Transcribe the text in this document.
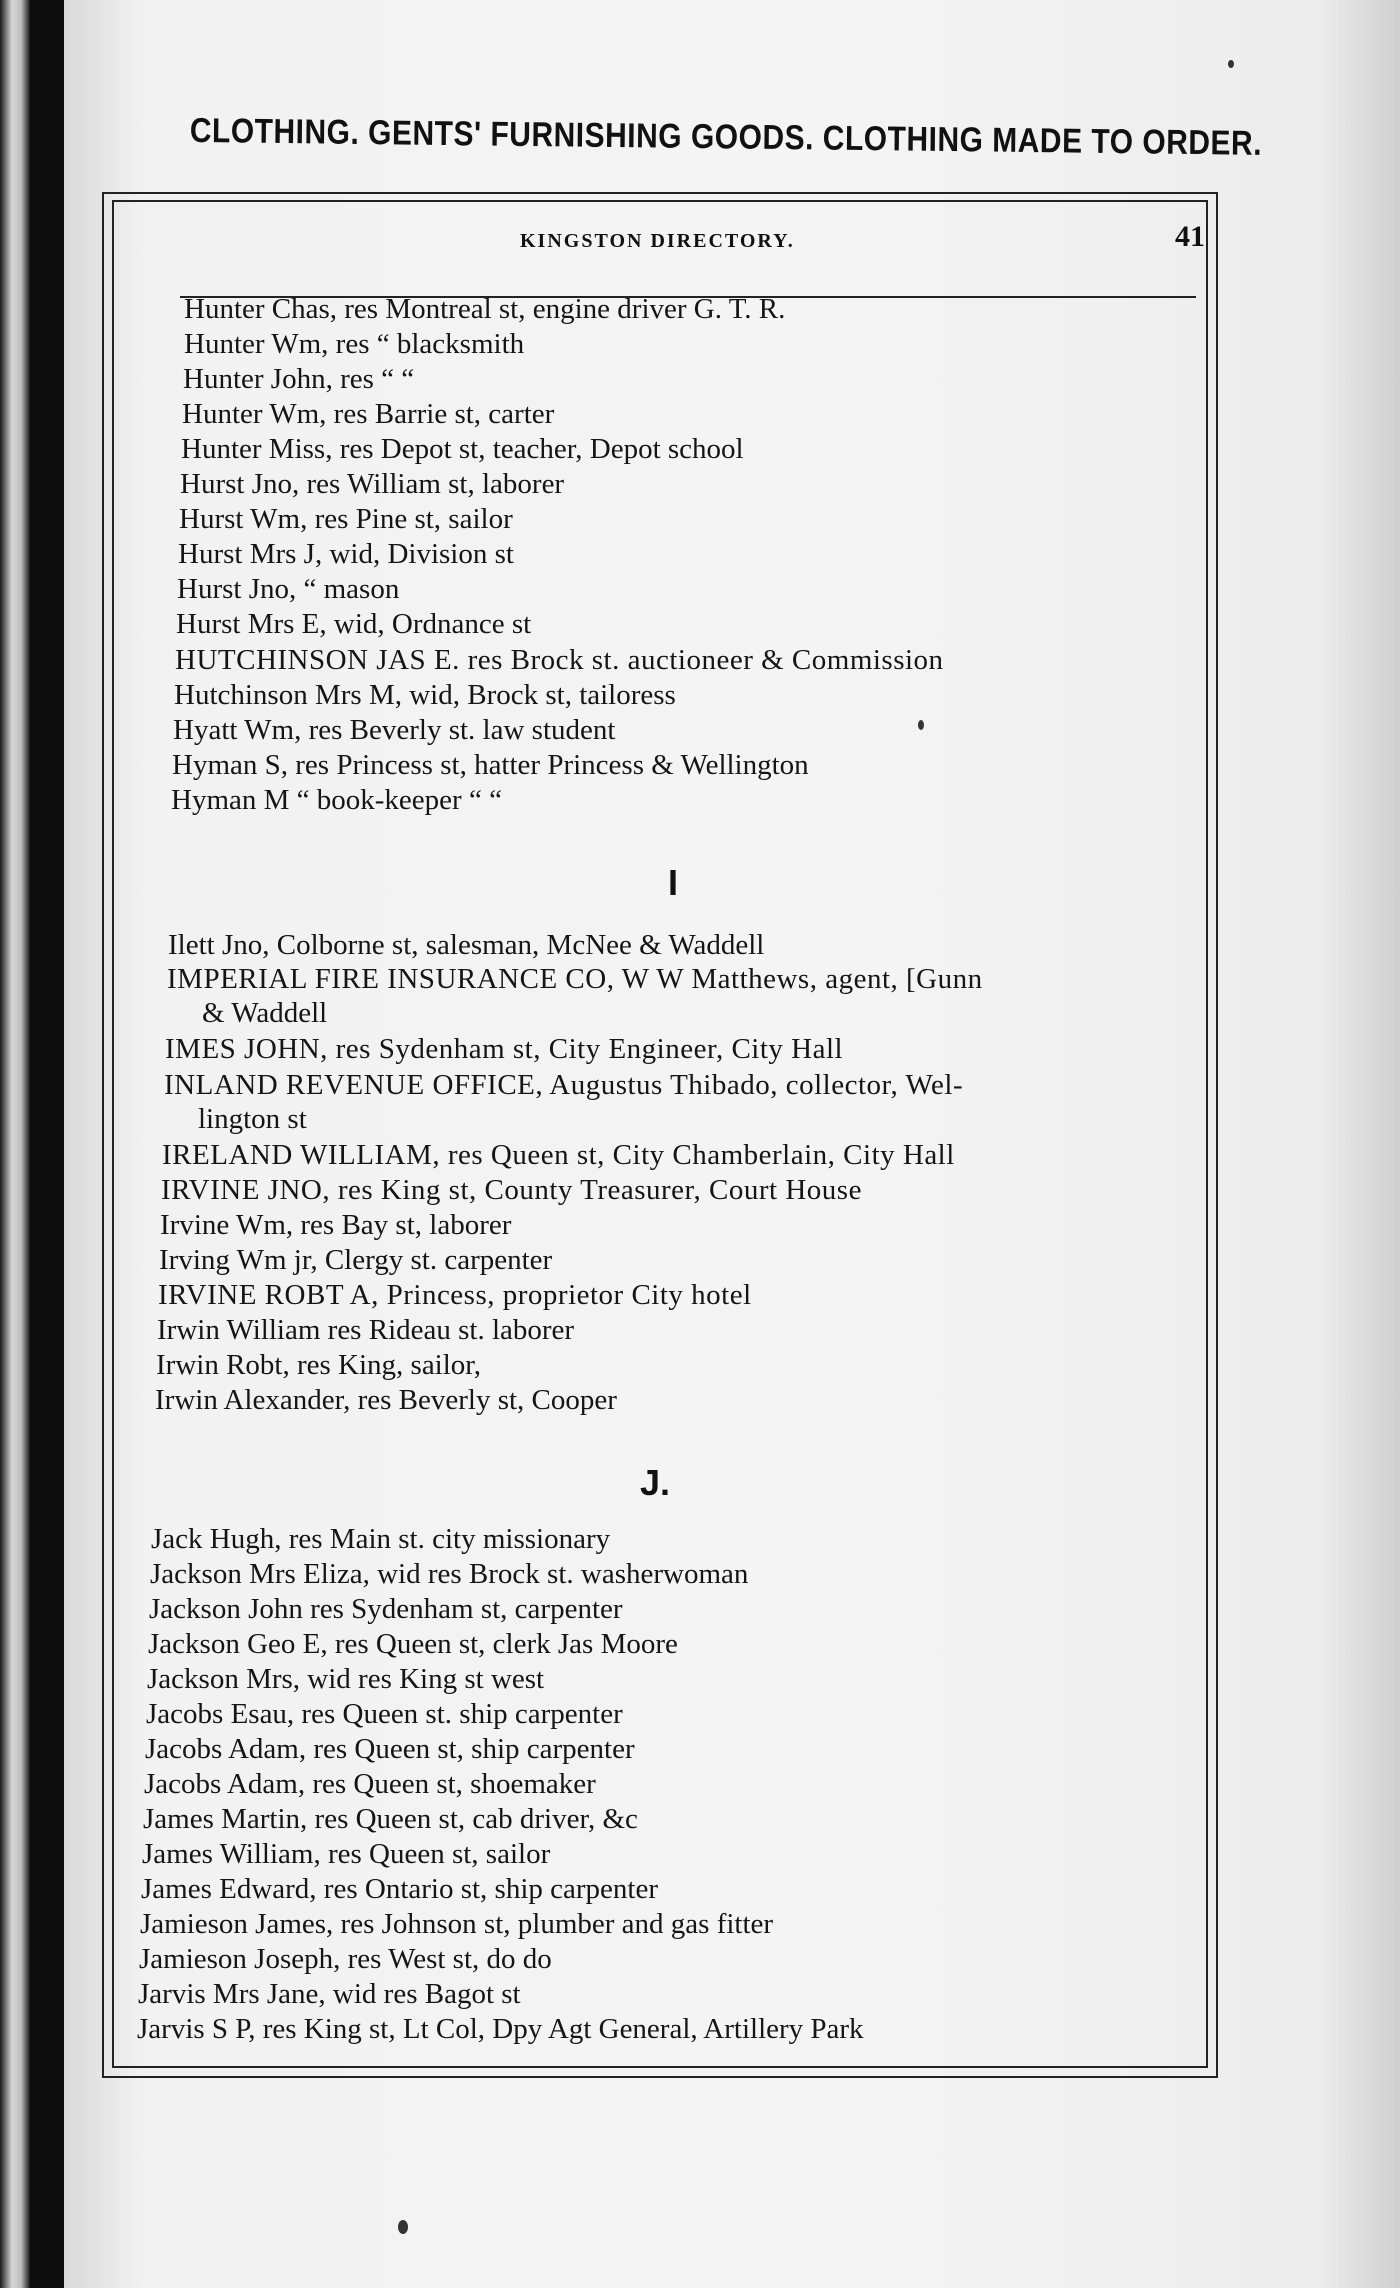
CLOTHING. GENTS' FURNISHING GOODS. CLOTHING MADE TO ORDER.
KINGSTON DIRECTORY.	41
Hunter Chas, res Montreal st, engine driver G. T. R.
Hunter Wm, res “ blacksmith
Hunter John, res “ “
Hunter Wm, res Barrie st, carter
Hunter Miss, res Depot st, teacher, Depot school
Hurst Jno, res William st, laborer
Hurst Wm, res Pine st, sailor
Hurst Mrs J, wid, Division st
Hurst Jno, “ mason
Hurst Mrs E, wid, Ordnance st
HUTCHINSON JAS E. res Brock st. auctioneer & Commission
Hutchinson Mrs M, wid, Brock st, tailoress
Hyatt Wm, res Beverly st. law student
Hyman S, res Princess st, hatter Princess & Wellington
Hyman M “ book-keeper “ “
I
Ilett Jno, Colborne st, salesman, McNee & Waddell
IMPERIAL FIRE INSURANCE CO, W W Matthews, agent, [Gunn
& Waddell
IMES JOHN, res Sydenham st, City Engineer, City Hall
INLAND REVENUE OFFICE, Augustus Thibado, collector, Wel-
lington st
IRELAND WILLIAM, res Queen st, City Chamberlain, City Hall
IRVINE JNO, res King st, County Treasurer, Court House
Irvine Wm, res Bay st, laborer
Irving Wm jr, Clergy st. carpenter
IRVINE ROBT A, Princess, proprietor City hotel
Irwin William res Rideau st. laborer
Irwin Robt, res King, sailor,
Irwin Alexander, res Beverly st, Cooper
J.
Jack Hugh, res Main st. city missionary
Jackson Mrs Eliza, wid res Brock st. washerwoman
Jackson John res Sydenham st, carpenter
Jackson Geo E, res Queen st, clerk Jas Moore
Jackson Mrs, wid res King st west
Jacobs Esau, res Queen st. ship carpenter
Jacobs Adam, res Queen st, ship carpenter
Jacobs Adam, res Queen st, shoemaker
James Martin, res Queen st, cab driver, &c
James William, res Queen st, sailor
James Edward, res Ontario st, ship carpenter
Jamieson James, res Johnson st, plumber and gas fitter
Jamieson Joseph, res West st, do do
Jarvis Mrs Jane, wid res Bagot st
Jarvis S P, res King st, Lt Col, Dpy Agt General, Artillery Park
